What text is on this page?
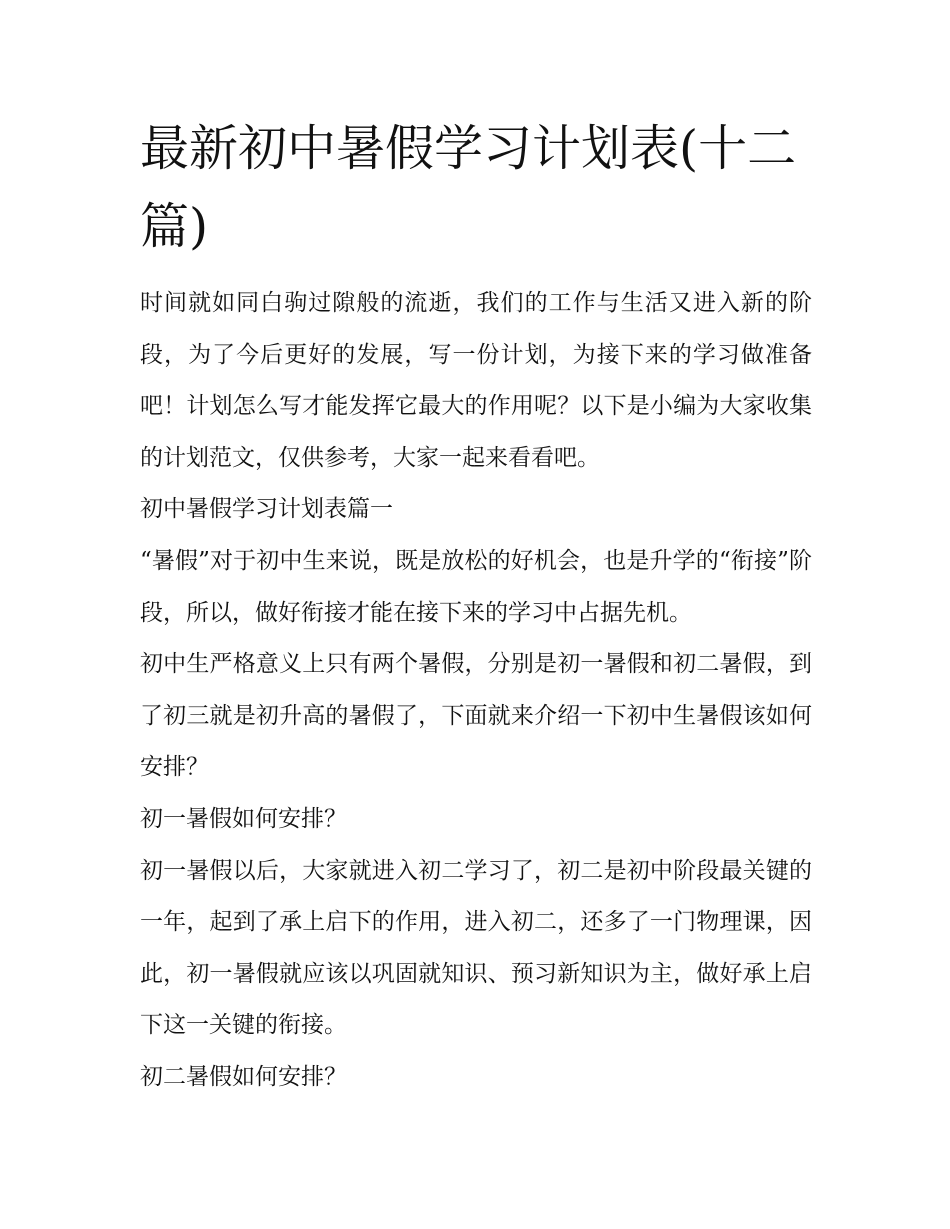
最新初中暑假学习计划表(十二篇)

时间就如同白驹过隙般的流逝，我们的工作与生活又进入新的阶段，为了今后更好的发展，写一份计划，为接下来的学习做准备吧！计划怎么写才能发挥它最大的作用呢？以下是小编为大家收集的计划范文，仅供参考，大家一起来看看吧。

初中暑假学习计划表篇一

“暑假”对于初中生来说，既是放松的好机会，也是升学的“衔接”阶段，所以，做好衔接才能在接下来的学习中占据先机。

初中生严格意义上只有两个暑假，分别是初一暑假和初二暑假，到了初三就是初升高的暑假了，下面就来介绍一下初中生暑假该如何安排？

初一暑假如何安排？

初一暑假以后，大家就进入初二学习了，初二是初中阶段最关键的一年，起到了承上启下的作用，进入初二，还多了一门物理课，因此，初一暑假就应该以巩固就知识、预习新知识为主，做好承上启下这一关键的衔接。

初二暑假如何安排？
